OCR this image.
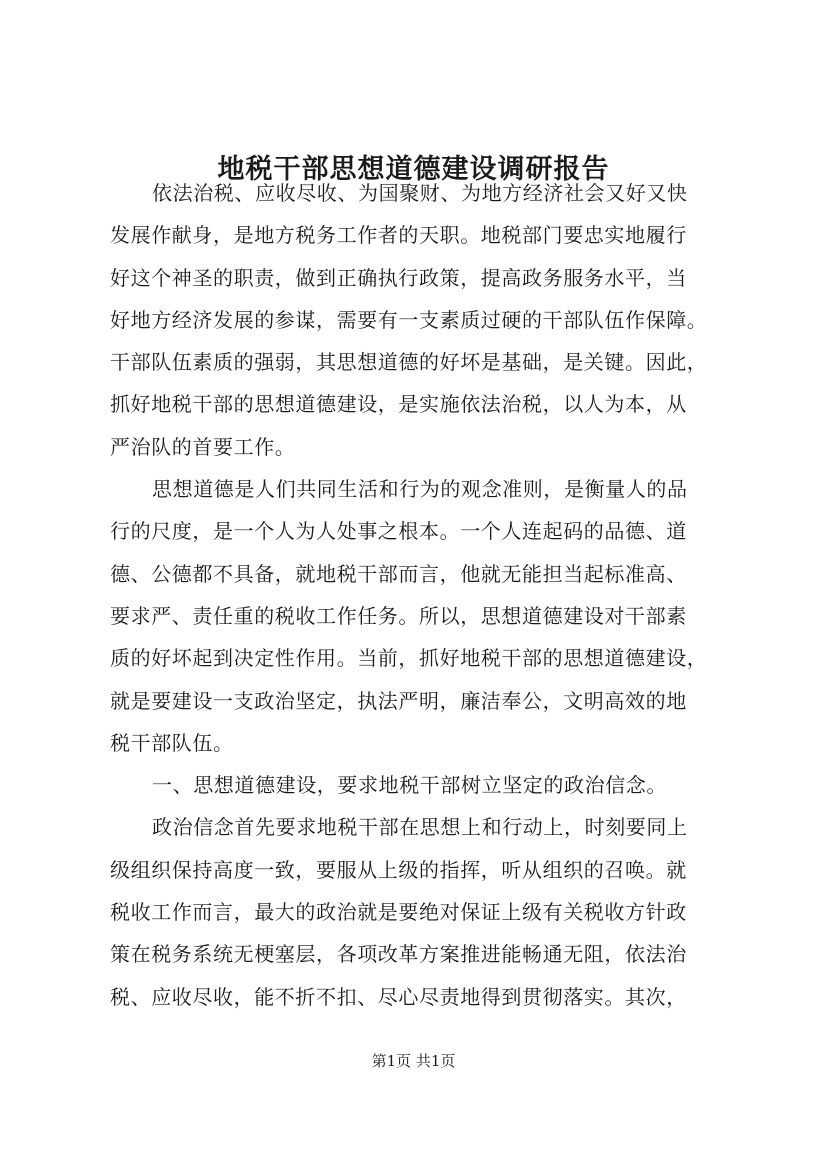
地税干部思想道德建设调研报告
依法治税、应收尽收、为国聚财、为地方经济社会又好又快
发展作献身，是地方税务工作者的天职。地税部门要忠实地履行
好这个神圣的职责，做到正确执行政策，提高政务服务水平，当
好地方经济发展的参谋，需要有一支素质过硬的干部队伍作保障。
干部队伍素质的强弱，其思想道德的好坏是基础，是关键。因此，
抓好地税干部的思想道德建设，是实施依法治税，以人为本，从
严治队的首要工作。
思想道德是人们共同生活和行为的观念准则，是衡量人的品
行的尺度，是一个人为人处事之根本。一个人连起码的品德、道
德、公德都不具备，就地税干部而言，他就无能担当起标准高、
要求严、责任重的税收工作任务。所以，思想道德建设对干部素
质的好坏起到决定性作用。当前，抓好地税干部的思想道德建设，
就是要建设一支政治坚定，执法严明，廉洁奉公，文明高效的地
税干部队伍。
一、思想道德建设，要求地税干部树立坚定的政治信念。
政治信念首先要求地税干部在思想上和行动上，时刻要同上
级组织保持高度一致，要服从上级的指挥，听从组织的召唤。就
税收工作而言，最大的政治就是要绝对保证上级有关税收方针政
策在税务系统无梗塞层，各项改革方案推进能畅通无阻，依法治
税、应收尽收，能不折不扣、尽心尽责地得到贯彻落实。其次，
第1页 共1页
